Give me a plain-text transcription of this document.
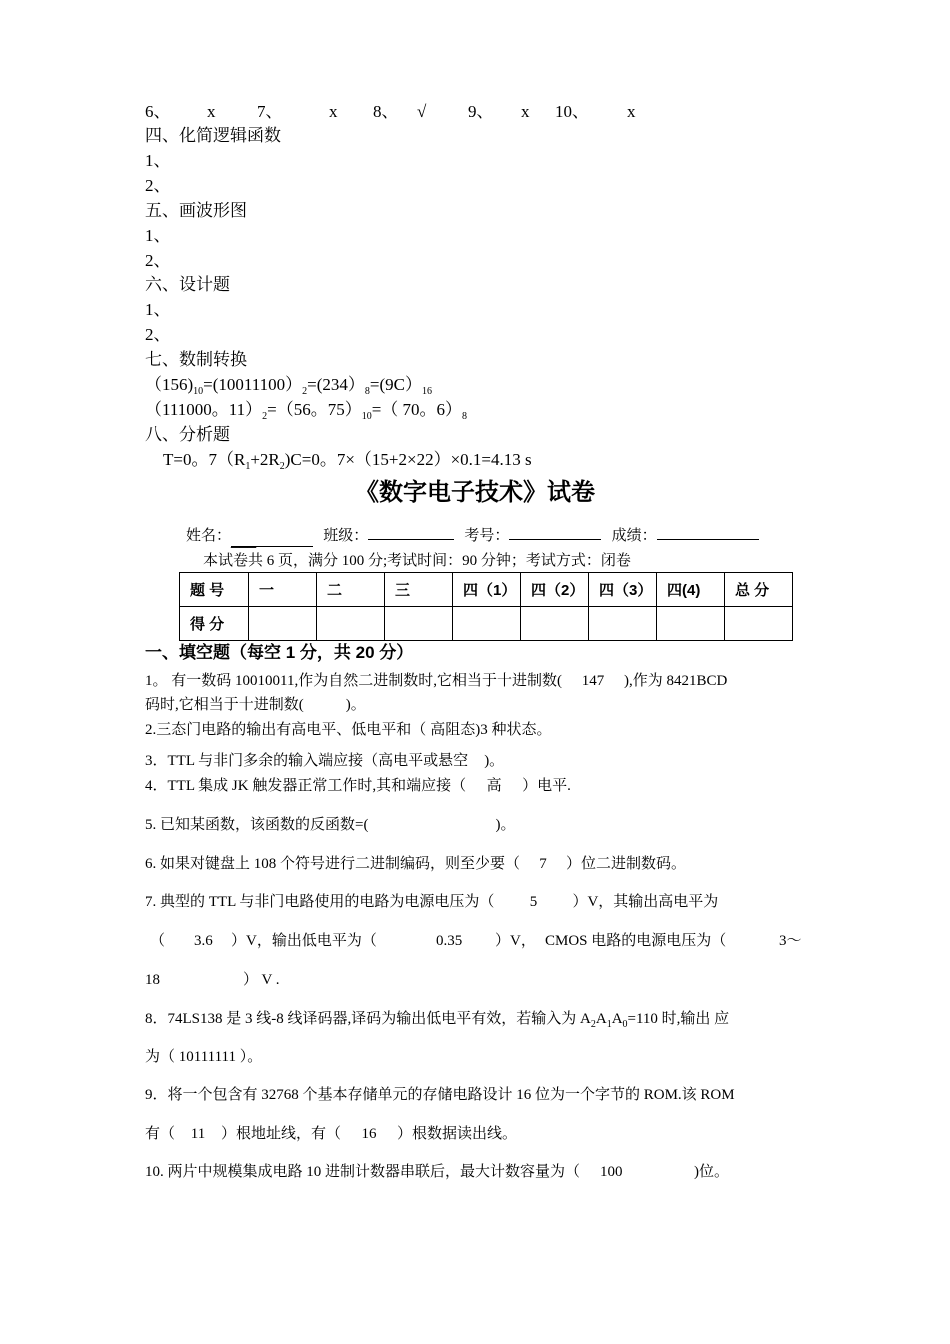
6、 x 7、	x 8、 √ 9、 x 10、 x
四、化简逻辑函数
1、
2、
五、画波形图
1、
2、
六、设计题
1、
2、
七、数制转换
$(156)_{10}=(10011100)_2=(234)_8=(9C)_{16}$
（111000。$11)_2=(56$。$75)_{10}=$（ 70。$6)_8$
八、分析题
T=0。$7(R_1+2R_2)C=0$。7×（15+2×22）×0.1=4.13 s
《数字电子技术》试卷
姓名：___	班级：	考号：	成绩：
本试卷共 6 页，满分 100 分;考试时间：90 分钟；考试方式：闭卷
题 号	一	二	三	四（1）	四（2）	四（3）	四(4)	总 分
得 分								
一、填空题（每空 1 分，共 20 分）
1。 有一数码 10010011,作为自然二进制数时,它相当于十进制数( 147 ),作为 8421BCD
码时,它相当于十进制数(	)。
2.三态门电路的输出有高电平、低电平和（ 高阻态)3 种状态。
3．TTL 与非门多余的输入端应接（高电平或悬空 )。
4．TTL 集成 JK 触发器正常工作时,其和端应接（ 高 ）电平.
5. 已知某函数，该函数的反函数=(	)。
6. 如果对键盘上 108 个符号进行二进制编码，则至少要（ 7 ）位二进制数码。
7. 典型的 TTL 与非门电路使用的电路为电源电压为（ 5 ）V，其输出高电平为
（ 3.6 ）V，输出低电平为（	0.35 ）V， CMOS 电路的电源电压为（	3～
18	） V .
8．74LS138 是 3 线-8 线译码器,译码为输出低电平有效，若输入为 $A_2A_1A_0=110$ 时,输出 应
为（ 10111111 ）。
9．将一个包含有 32768 个基本存储单元的存储电路设计 16 位为一个字节的 ROM.该 ROM
有（ 11 ）根地址线，有（ 16 ）根数据读出线。
10. 两片中规模集成电路 10 进制计数器串联后，最大计数容量为（ 100	)位。
